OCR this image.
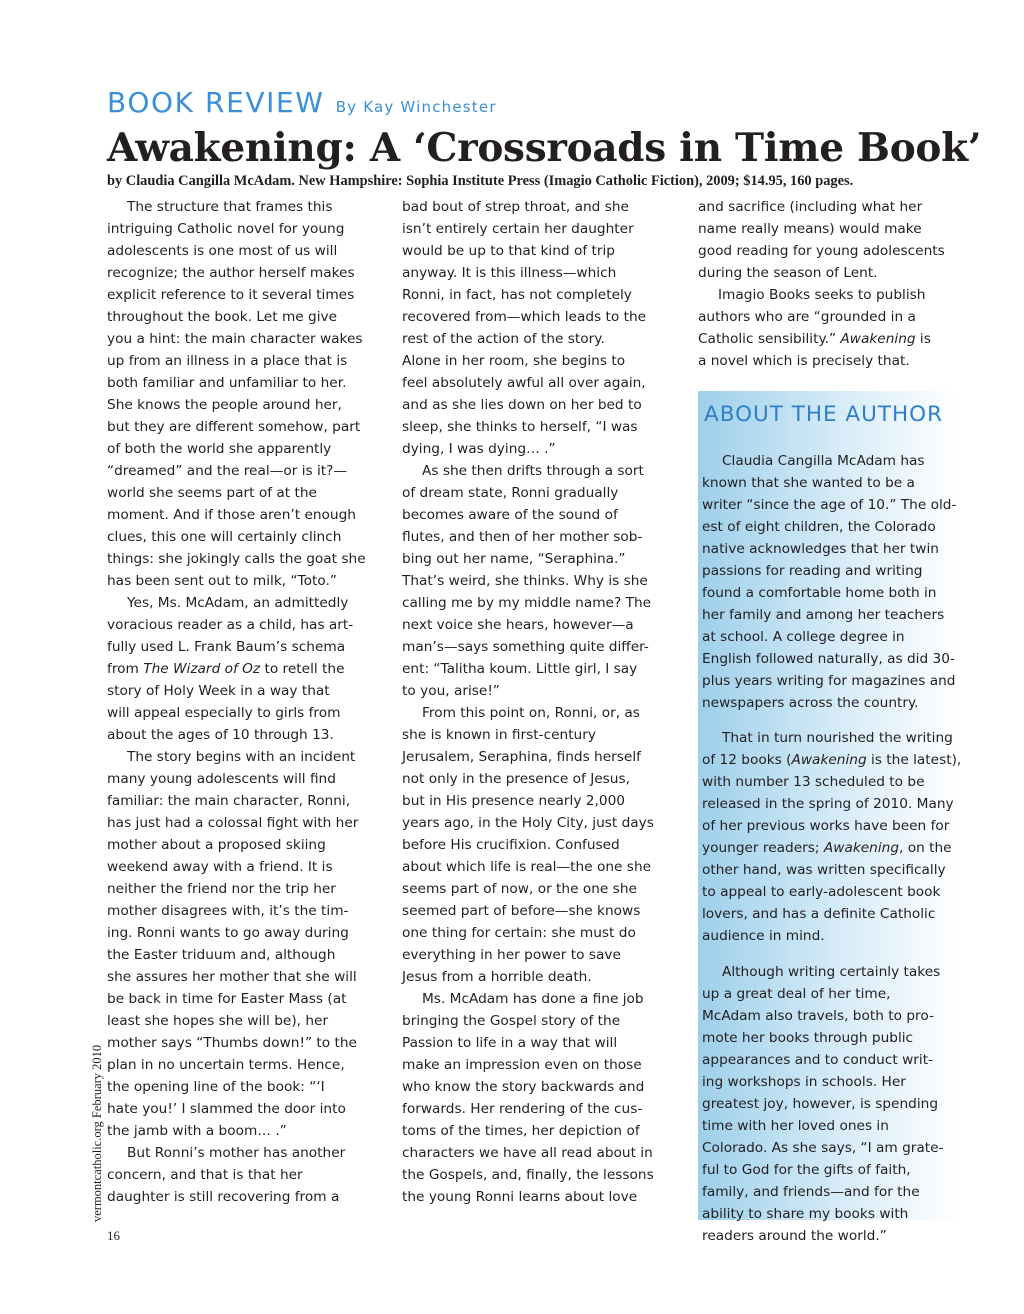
BOOK REVIEW By Kay Winchester
Awakening: A ‘Crossroads in Time Book’
by Claudia Cangilla McAdam. New Hampshire: Sophia Institute Press (Imagio Catholic Fiction), 2009; $14.95, 160 pages.

The structure that frames this
intriguing Catholic novel for young
adolescents is one most of us will
recognize; the author herself makes
explicit reference to it several times
throughout the book. Let me give
you a hint: the main character wakes
up from an illness in a place that is
both familiar and unfamiliar to her.
She knows the people around her,
but they are different somehow, part
of both the world she apparently
“dreamed” and the real—or is it?—
world she seems part of at the
moment. And if those aren’t enough
clues, this one will certainly clinch
things: she jokingly calls the goat she
has been sent out to milk, “Toto.”

Yes, Ms. McAdam, an admittedly
voracious reader as a child, has art-
fully used L. Frank Baum’s schema
from The Wizard of Oz to retell the
story of Holy Week in a way that
will appeal especially to girls from
about the ages of 10 through 13.

The story begins with an incident
many young adolescents will find
familiar: the main character, Ronni,
has just had a colossal fight with her
mother about a proposed skiing
weekend away with a friend. It is
neither the friend nor the trip her
mother disagrees with, it’s the tim-
ing. Ronni wants to go away during
the Easter triduum and, although
she assures her mother that she will
be back in time for Easter Mass (at
least she hopes she will be), her
mother says “Thumbs down!” to the
plan in no uncertain terms. Hence,
the opening line of the book: “‘I
hate you!’ I slammed the door into
the jamb with a boom… .”

But Ronni’s mother has another
concern, and that is that her
daughter is still recovering from a

bad bout of strep throat, and she
isn’t entirely certain her daughter
would be up to that kind of trip
anyway. It is this illness—which
Ronni, in fact, has not completely
recovered from—which leads to the
rest of the action of the story.
Alone in her room, she begins to
feel absolutely awful all over again,
and as she lies down on her bed to
sleep, she thinks to herself, “I was
dying, I was dying… .”

As she then drifts through a sort
of dream state, Ronni gradually
becomes aware of the sound of
flutes, and then of her mother sob-
bing out her name, “Seraphina.”
That’s weird, she thinks. Why is she
calling me by my middle name? The
next voice she hears, however—a
man’s—says something quite differ-
ent: “Talitha koum. Little girl, I say
to you, arise!”

From this point on, Ronni, or, as
she is known in first-century
Jerusalem, Seraphina, finds herself
not only in the presence of Jesus,
but in His presence nearly 2,000
years ago, in the Holy City, just days
before His crucifixion. Confused
about which life is real—the one she
seems part of now, or the one she
seemed part of before—she knows
one thing for certain: she must do
everything in her power to save
Jesus from a horrible death.

Ms. McAdam has done a fine job
bringing the Gospel story of the
Passion to life in a way that will
make an impression even on those
who know the story backwards and
forwards. Her rendering of the cus-
toms of the times, her depiction of
characters we have all read about in
the Gospels, and, finally, the lessons
the young Ronni learns about love

and sacrifice (including what her
name really means) would make
good reading for young adolescents
during the season of Lent.

Imagio Books seeks to publish
authors who are “grounded in a
Catholic sensibility.” Awakening is
a novel which is precisely that.

ABOUT THE AUTHOR

Claudia Cangilla McAdam has
known that she wanted to be a
writer “since the age of 10.” The old-
est of eight children, the Colorado
native acknowledges that her twin
passions for reading and writing
found a comfortable home both in
her family and among her teachers
at school. A college degree in
English followed naturally, as did 30-
plus years writing for magazines and
newspapers across the country.

That in turn nourished the writing
of 12 books (Awakening is the latest),
with number 13 scheduled to be
released in the spring of 2010. Many
of her previous works have been for
younger readers; Awakening, on the
other hand, was written specifically
to appeal to early-adolescent book
lovers, and has a definite Catholic
audience in mind.

Although writing certainly takes
up a great deal of her time,
McAdam also travels, both to pro-
mote her books through public
appearances and to conduct writ-
ing workshops in schools. Her
greatest joy, however, is spending
time with her loved ones in
Colorado. As she says, “I am grate-
ful to God for the gifts of faith,
family, and friends—and for the
ability to share my books with
readers around the world.”

vermontcatholic.org February 2010
16
